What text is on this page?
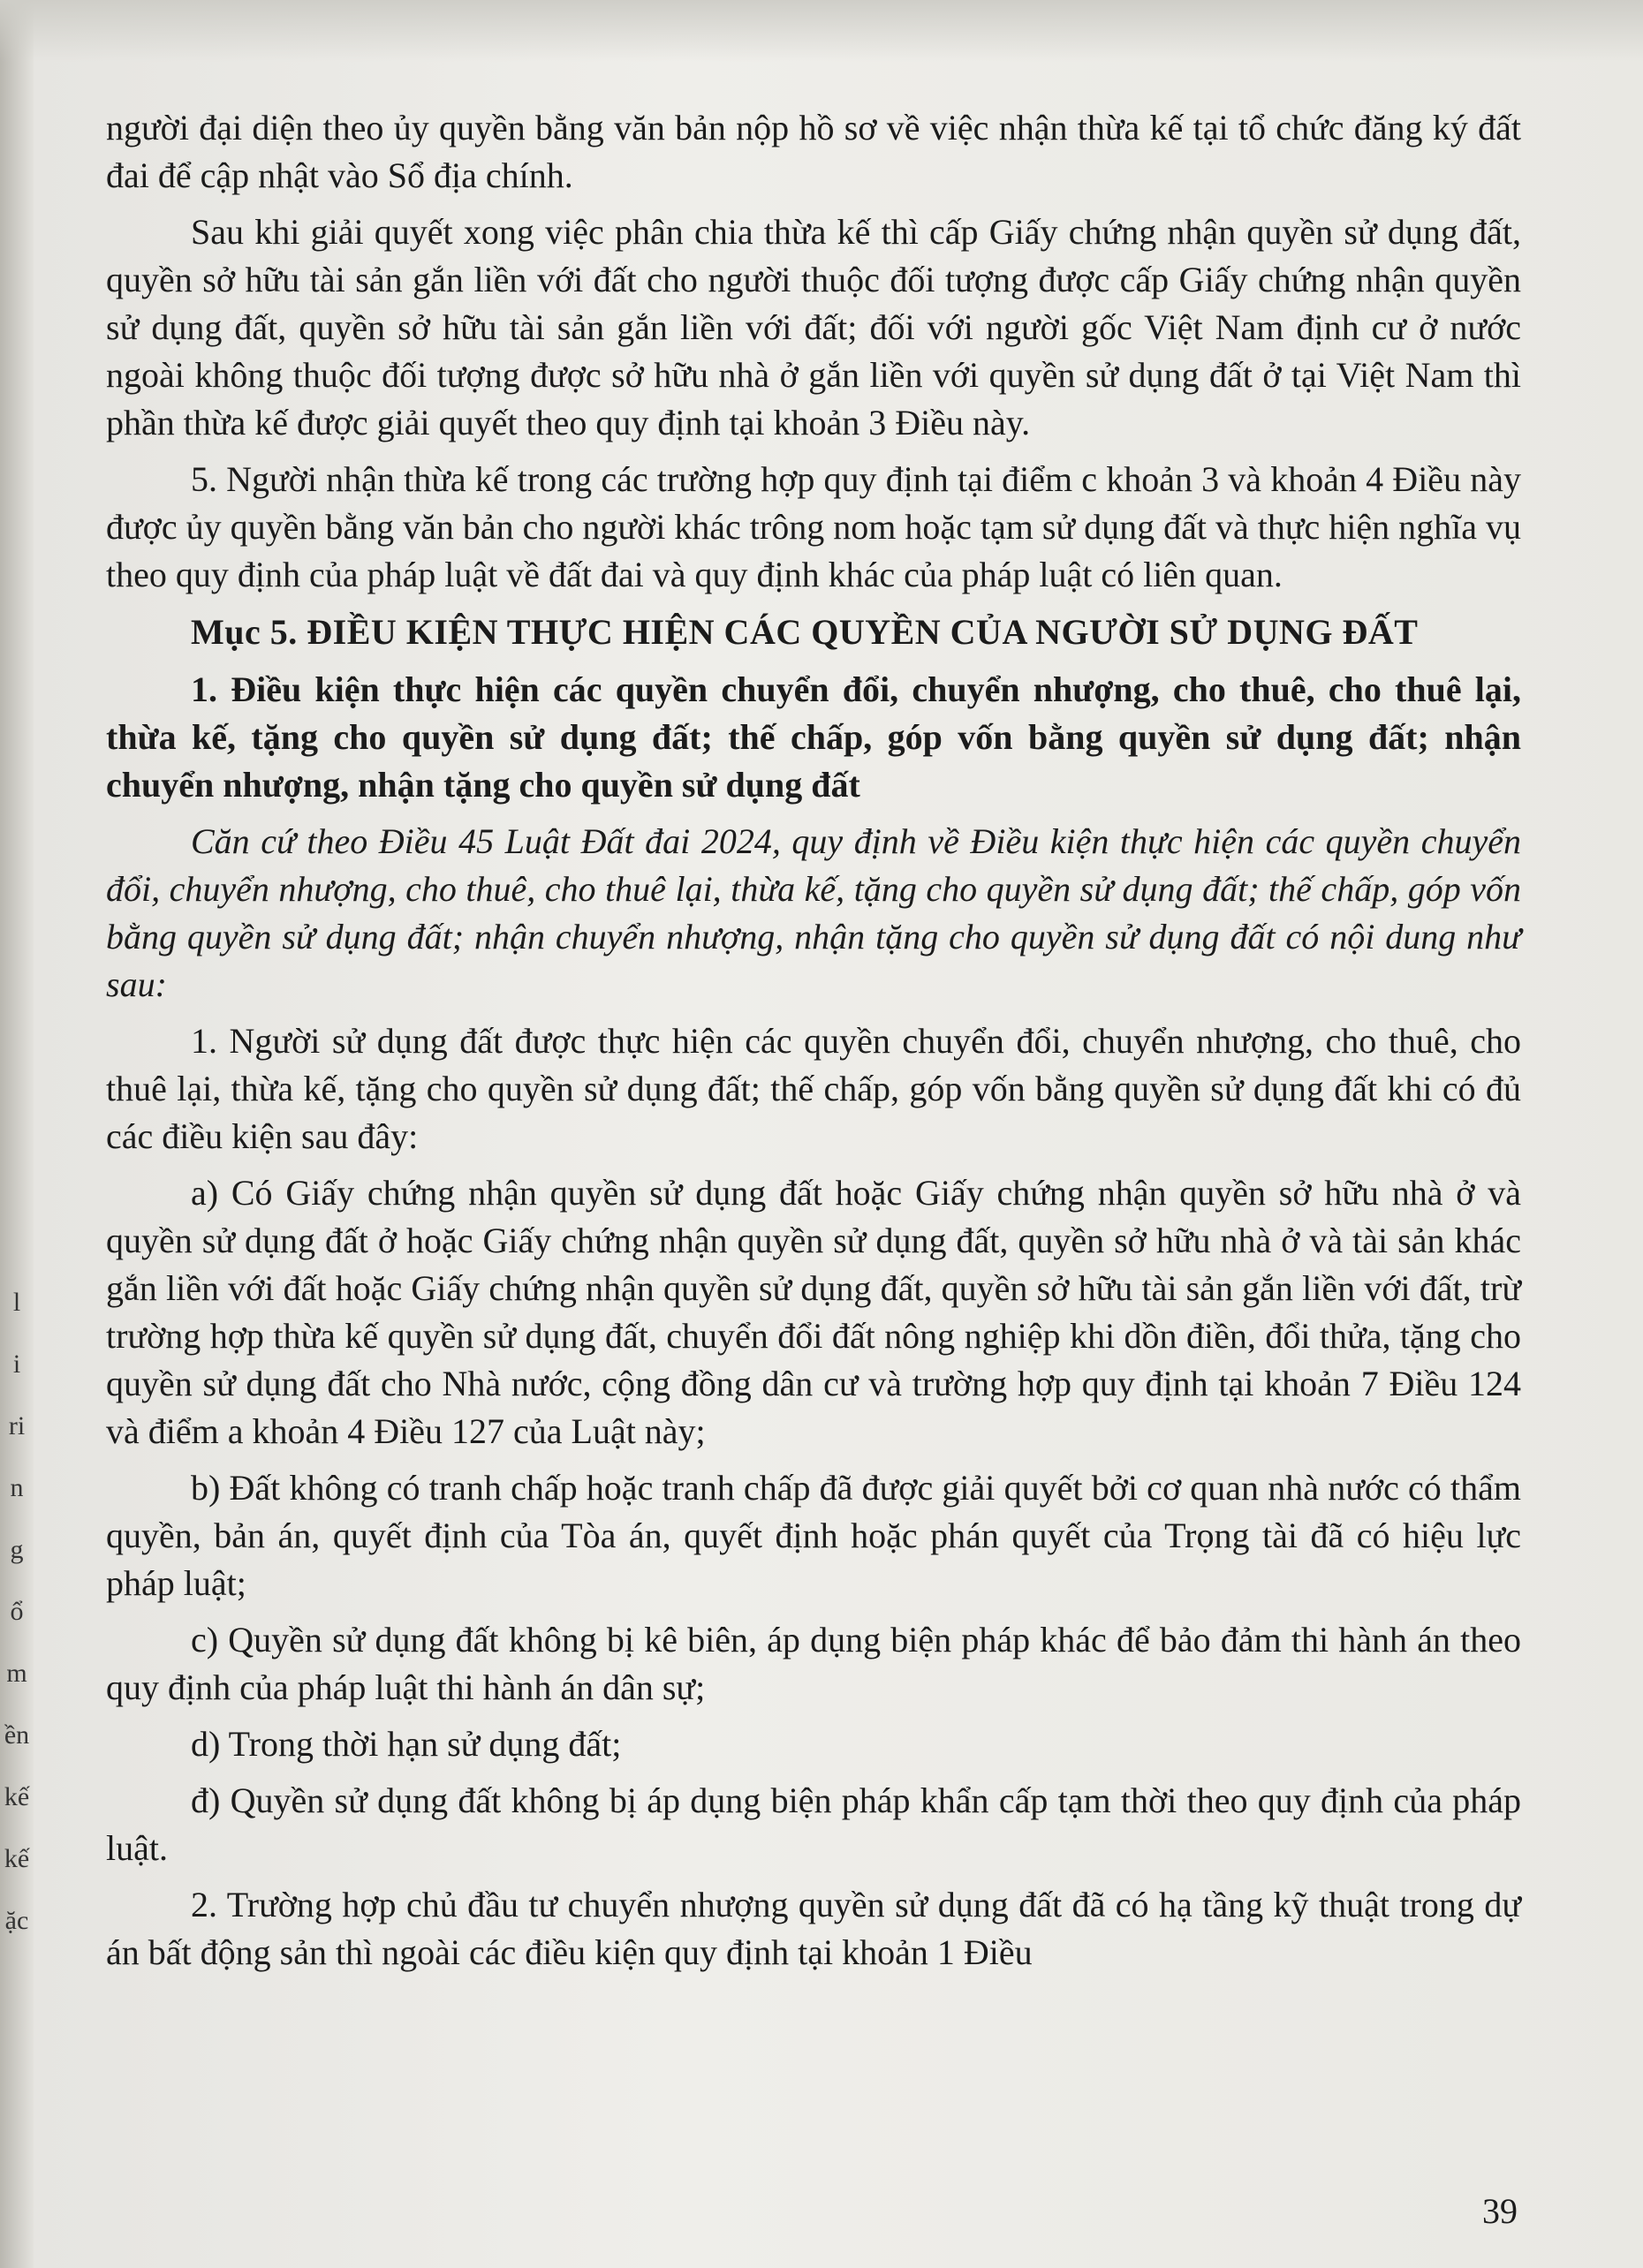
người đại diện theo ủy quyền bằng văn bản nộp hồ sơ về việc nhận thừa kế tại tổ chức đăng ký đất đai để cập nhật vào Sổ địa chính.

Sau khi giải quyết xong việc phân chia thừa kế thì cấp Giấy chứng nhận quyền sử dụng đất, quyền sở hữu tài sản gắn liền với đất cho người thuộc đối tượng được cấp Giấy chứng nhận quyền sử dụng đất, quyền sở hữu tài sản gắn liền với đất; đối với người gốc Việt Nam định cư ở nước ngoài không thuộc đối tượng được sở hữu nhà ở gắn liền với quyền sử dụng đất ở tại Việt Nam thì phần thừa kế được giải quyết theo quy định tại khoản 3 Điều này.

5. Người nhận thừa kế trong các trường hợp quy định tại điểm c khoản 3 và khoản 4 Điều này được ủy quyền bằng văn bản cho người khác trông nom hoặc tạm sử dụng đất và thực hiện nghĩa vụ theo quy định của pháp luật về đất đai và quy định khác của pháp luật có liên quan.

Mục 5. ĐIỀU KIỆN THỰC HIỆN CÁC QUYỀN CỦA NGƯỜI SỬ DỤNG ĐẤT
1. Điều kiện thực hiện các quyền chuyển đổi, chuyển nhượng, cho thuê, cho thuê lại, thừa kế, tặng cho quyền sử dụng đất; thế chấp, góp vốn bằng quyền sử dụng đất; nhận chuyển nhượng, nhận tặng cho quyền sử dụng đất

Căn cứ theo Điều 45 Luật Đất đai 2024, quy định về Điều kiện thực hiện các quyền chuyển đổi, chuyển nhượng, cho thuê, cho thuê lại, thừa kế, tặng cho quyền sử dụng đất; thế chấp, góp vốn bằng quyền sử dụng đất; nhận chuyển nhượng, nhận tặng cho quyền sử dụng đất có nội dung như sau:

1. Người sử dụng đất được thực hiện các quyền chuyển đổi, chuyển nhượng, cho thuê, cho thuê lại, thừa kế, tặng cho quyền sử dụng đất; thế chấp, góp vốn bằng quyền sử dụng đất khi có đủ các điều kiện sau đây:

a) Có Giấy chứng nhận quyền sử dụng đất hoặc Giấy chứng nhận quyền sở hữu nhà ở và quyền sử dụng đất ở hoặc Giấy chứng nhận quyền sử dụng đất, quyền sở hữu nhà ở và tài sản khác gắn liền với đất hoặc Giấy chứng nhận quyền sử dụng đất, quyền sở hữu tài sản gắn liền với đất, trừ trường hợp thừa kế quyền sử dụng đất, chuyển đổi đất nông nghiệp khi dồn điền, đổi thửa, tặng cho quyền sử dụng đất cho Nhà nước, cộng đồng dân cư và trường hợp quy định tại khoản 7 Điều 124 và điểm a khoản 4 Điều 127 của Luật này;

b) Đất không có tranh chấp hoặc tranh chấp đã được giải quyết bởi cơ quan nhà nước có thẩm quyền, bản án, quyết định của Tòa án, quyết định hoặc phán quyết của Trọng tài đã có hiệu lực pháp luật;

c) Quyền sử dụng đất không bị kê biên, áp dụng biện pháp khác để bảo đảm thi hành án theo quy định của pháp luật thi hành án dân sự;

d) Trong thời hạn sử dụng đất;

đ) Quyền sử dụng đất không bị áp dụng biện pháp khẩn cấp tạm thời theo quy định của pháp luật.

2. Trường hợp chủ đầu tư chuyển nhượng quyền sử dụng đất đã có hạ tầng kỹ thuật trong dự án bất động sản thì ngoài các điều kiện quy định tại khoản 1 Điều

39
l
i
ri
n
g
ổ
m
ền
kế
kế
ặc
